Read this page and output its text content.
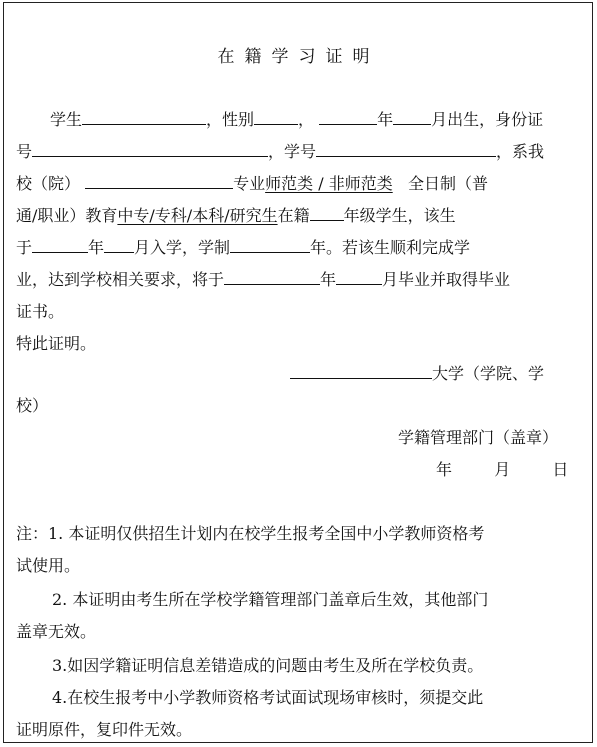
在籍学习证明
学生	，性别	，	年 月出生，身份证
号	，学号	，系我
校（院）	专业师范类 / 非师范类 全日制（普
通/职业）教育中专/专科/本科/研究生在籍 年级学生，该生
于	年 月入学，学制	年。若该生顺利完成学
业，达到学校相关要求，将于	年	月毕业并取得毕业
证书。
特此证明。
大学（学院、学
校）
学籍管理部门（盖章）
年	月	日
注：1. 本证明仅供招生计划内在校学生报考全国中小学教师资格考
试使用。
2. 本证明由考生所在学校学籍管理部门盖章后生效，其他部门
盖章无效。
3.如因学籍证明信息差错造成的问题由考生及所在学校负责。
4.在校生报考中小学教师资格考试面试现场审核时，须提交此
证明原件，复印件无效。
